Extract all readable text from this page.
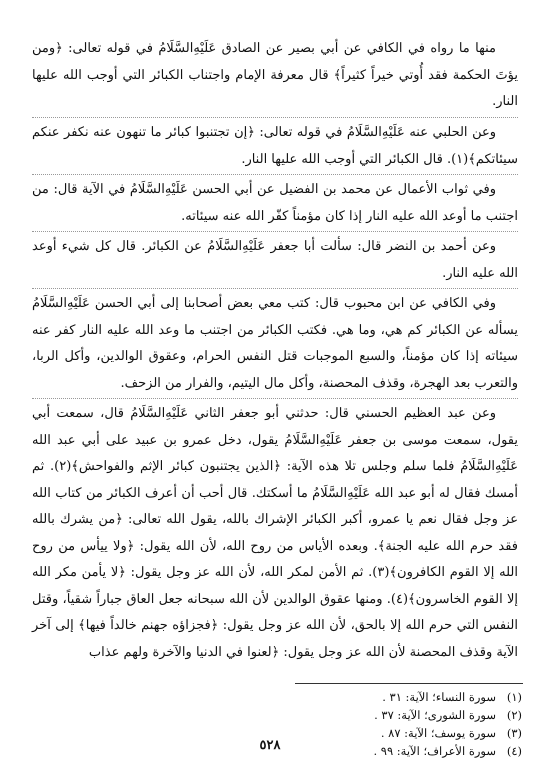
منها ما رواه في الكافي عن أبي بصير عن الصادق عَلَيْهِ‌السَّلَامُ في قوله تعالى: ﴿ومن يؤتَ الحكمة فقد أُوتي خيراً كثيراً﴾ قال معرفة الإمام واجتناب الكبائر التي أوجب الله عليها النار.

وعن الحلبي عنه عَلَيْهِ‌السَّلَامُ في قوله تعالى: ﴿إن تجتنبوا كبائر ما تنهون عنه نكفر عنكم سيئاتكم﴾(١). قال الكبائر التي أوجب الله عليها النار.

وفي ثواب الأعمال عن محمد بن الفضيل عن أبي الحسن عَلَيْهِ‌السَّلَامُ في الآية قال: من اجتنب ما أوعد الله عليه النار إذا كان مؤمناً كفّر الله عنه سيئاته.

وعن أحمد بن النضر قال: سألت أبا جعفر عَلَيْهِ‌السَّلَامُ عن الكبائر. قال كل شيء أوعد الله عليه النار.

وفي الكافي عن ابن محبوب قال: كتب معي بعض أصحابنا إلى أبي الحسن عَلَيْهِ‌السَّلَامُ يسأله عن الكبائر كم هي، وما هي. فكتب الكبائر من اجتنب ما وعد الله عليه النار كفر عنه سيئاته إذا كان مؤمناً، والسبع الموجبات قتل النفس الحرام، وعقوق الوالدين، وأكل الربا، والتعرب بعد الهجرة، وقذف المحصنة، وأكل مال اليتيم، والفرار من الزحف.

وعن عبد العظيم الحسني قال: حدثني أبو جعفر الثاني عَلَيْهِ‌السَّلَامُ قال، سمعت أبي يقول، سمعت موسى بن جعفر عَلَيْهِ‌السَّلَامُ يقول، دخل عمرو بن عبيد على أبي عبد الله عَلَيْهِ‌السَّلَامُ فلما سلم وجلس تلا هذه الآية: ﴿الذين يجتنبون كبائر الإثم والفواحش﴾(٢). ثم أمسك فقال له أبو عبد الله عَلَيْهِ‌السَّلَامُ ما أسكتك. قال أحب أن أعرف الكبائر من كتاب الله عز وجل فقال نعم يا عمرو، أكبر الكبائر الإشراك بالله، يقول الله تعالى: ﴿من يشرك بالله فقد حرم الله عليه الجنة﴾. وبعده الأياس من روح الله، لأن الله يقول: ﴿ولا ييأس من روح الله إلا القوم الكافرون﴾(٣). ثم الأمن لمكر الله، لأن الله عز وجل يقول: ﴿لا يأمن مكر الله إلا القوم الخاسرون﴾(٤). ومنها عقوق الوالدين لأن الله سبحانه جعل العاق جباراً شقياً، وقتل النفس التي حرم الله إلا بالحق، لأن الله عز وجل يقول: ﴿فجزاؤه جهنم خالداً فيها﴾ إلى آخر الآية وقذف المحصنة لأن الله عز وجل يقول: ﴿لعنوا في الدنيا والآخرة ولهم عذاب

(١)سورة النساء؛ الآية: ٣١ .
(٢)سورة الشورى؛ الآية: ٣٧ .
(٣)سورة يوسف؛ الآية: ٨٧ .
(٤)سورة الأعراف؛ الآية: ٩٩ .
٥٢٨
